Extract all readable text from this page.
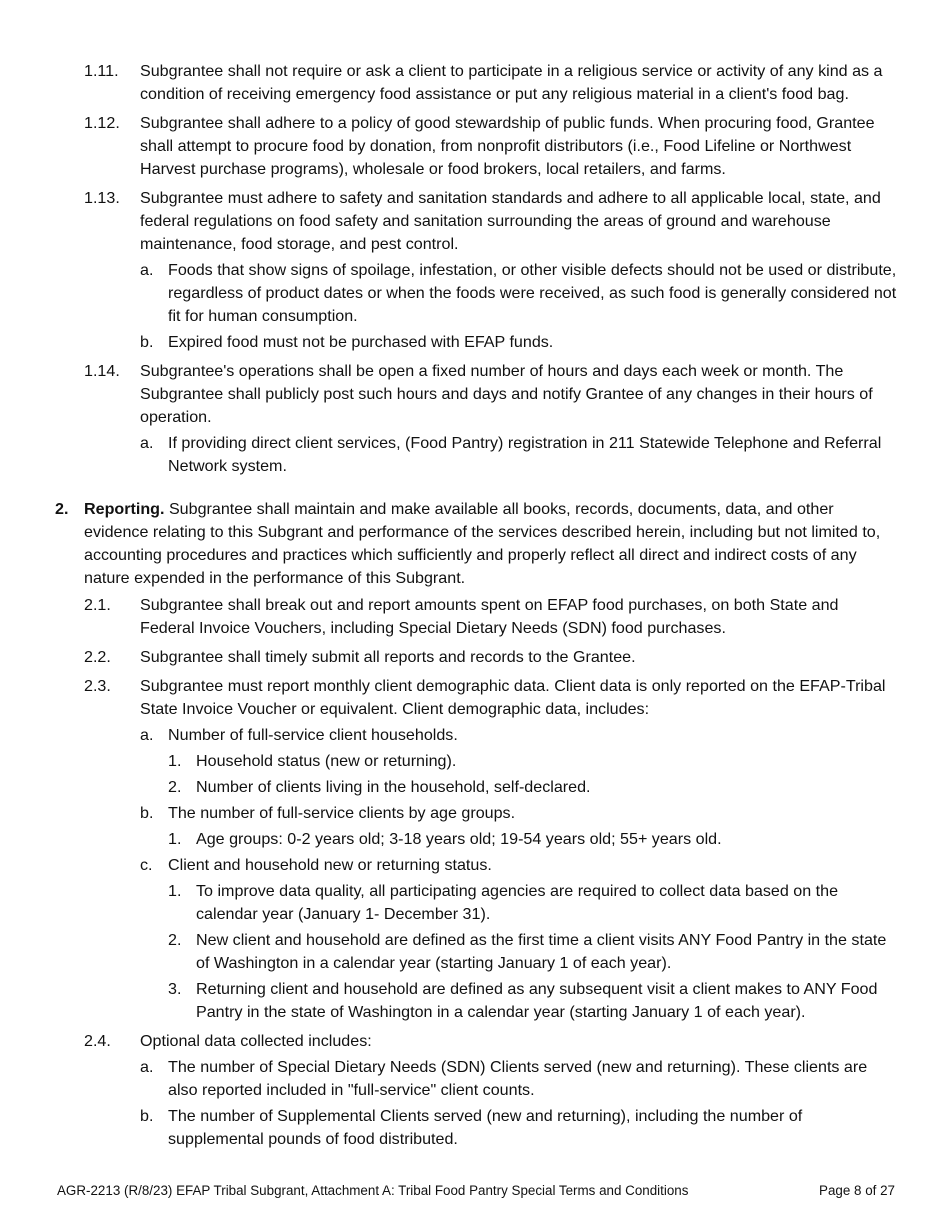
1.11.	Subgrantee shall not require or ask a client to participate in a religious service or activity of any kind as a condition of receiving emergency food assistance or put any religious material in a client's food bag.
1.12.	Subgrantee shall adhere to a policy of good stewardship of public funds. When procuring food, Grantee shall attempt to procure food by donation, from nonprofit distributors (i.e., Food Lifeline or Northwest Harvest purchase programs), wholesale or food brokers, local retailers, and farms.
1.13.	Subgrantee must adhere to safety and sanitation standards and adhere to all applicable local, state, and federal regulations on food safety and sanitation surrounding the areas of ground and warehouse maintenance, food storage, and pest control.
a. Foods that show signs of spoilage, infestation, or other visible defects should not be used or distribute, regardless of product dates or when the foods were received, as such food is generally considered not fit for human consumption.
b. Expired food must not be purchased with EFAP funds.
1.14.	Subgrantee's operations shall be open a fixed number of hours and days each week or month. The Subgrantee shall publicly post such hours and days and notify Grantee of any changes in their hours of operation.
a. If providing direct client services, (Food Pantry) registration in 211 Statewide Telephone and Referral Network system.
2. Reporting. Subgrantee shall maintain and make available all books, records, documents, data, and other evidence relating to this Subgrant and performance of the services described herein, including but not limited to, accounting procedures and practices which sufficiently and properly reflect all direct and indirect costs of any nature expended in the performance of this Subgrant.
2.1.	Subgrantee shall break out and report amounts spent on EFAP food purchases, on both State and Federal Invoice Vouchers, including Special Dietary Needs (SDN) food purchases.
2.2.	Subgrantee shall timely submit all reports and records to the Grantee.
2.3.	Subgrantee must report monthly client demographic data. Client data is only reported on the EFAP-Tribal State Invoice Voucher or equivalent. Client demographic data, includes:
a. Number of full-service client households.
1. Household status (new or returning).
2. Number of clients living in the household, self-declared.
b. The number of full-service clients by age groups.
1. Age groups: 0-2 years old; 3-18 years old; 19-54 years old; 55+ years old.
c. Client and household new or returning status.
1. To improve data quality, all participating agencies are required to collect data based on the calendar year (January 1- December 31).
2. New client and household are defined as the first time a client visits ANY Food Pantry in the state of Washington in a calendar year (starting January 1 of each year).
3. Returning client and household are defined as any subsequent visit a client makes to ANY Food Pantry in the state of Washington in a calendar year (starting January 1 of each year).
2.4.	Optional data collected includes:
a. The number of Special Dietary Needs (SDN) Clients served (new and returning). These clients are also reported included in "full-service" client counts.
b. The number of Supplemental Clients served (new and returning), including the number of supplemental pounds of food distributed.
AGR-2213 (R/8/23) EFAP Tribal Subgrant, Attachment A: Tribal Food Pantry Special Terms and Conditions	Page 8 of 27
